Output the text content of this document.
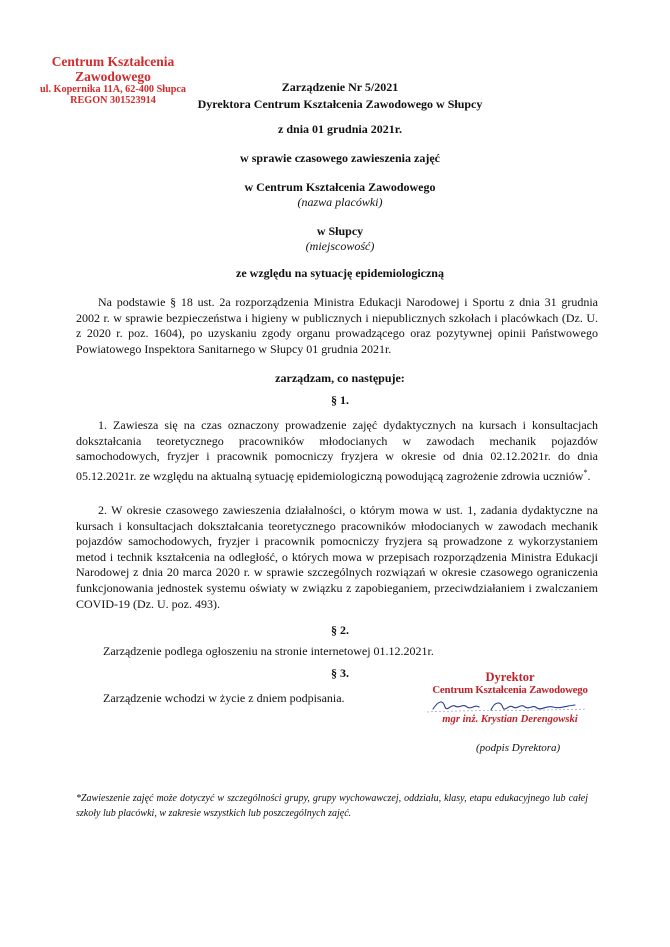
Centrum Kształcenia
Zawodowego
ul. Kopernika 11A, 62-400 Słupca
REGON 301523914
Zarządzenie Nr 5/2021
Dyrektora Centrum Kształcenia Zawodowego w Słupcy
z dnia 01 grudnia 2021r.
w sprawie czasowego zawieszenia zajęć
w Centrum Kształcenia Zawodowego
(nazwa placówki)
w Słupcy
(miejscowość)
ze względu na sytuację epidemiologiczną
Na podstawie § 18 ust. 2a rozporządzenia Ministra Edukacji Narodowej i Sportu z dnia 31 grudnia 2002 r. w sprawie bezpieczeństwa i higieny w publicznych i niepublicznych szkołach i placówkach (Dz. U. z 2020 r. poz. 1604), po uzyskaniu zgody organu prowadzącego oraz pozytywnej opinii Państwowego Powiatowego Inspektora Sanitarnego w Słupcy 01 grudnia 2021r.
zarządzam, co następuje:
§ 1.
1. Zawiesza się na czas oznaczony prowadzenie zajęć dydaktycznych na kursach i konsultacjach dokształcania teoretycznego pracowników młodocianych w zawodach mechanik pojazdów samochodowych, fryzjer i pracownik pomocniczy fryzjera w okresie od dnia 02.12.2021r. do dnia 05.12.2021r. ze względu na aktualną sytuację epidemiologiczną powodującą zagrożenie zdrowia uczniów*.
2. W okresie czasowego zawieszenia działalności, o którym mowa w ust. 1, zadania dydaktyczne na kursach i konsultacjach dokształcania teoretycznego pracowników młodocianych w zawodach mechanik pojazdów samochodowych, fryzjer i pracownik pomocniczy fryzjera są prowadzone z wykorzystaniem metod i technik kształcenia na odległość, o których mowa w przepisach rozporządzenia Ministra Edukacji Narodowej z dnia 20 marca 2020 r. w sprawie szczególnych rozwiązań w okresie czasowego ograniczenia funkcjonowania jednostek systemu oświaty w związku z zapobieganiem, przeciwdziałaniem i zwalczaniem COVID-19 (Dz. U. poz. 493).
§ 2.
Zarządzenie podlega ogłoszeniu na stronie internetowej 01.12.2021r.
§ 3.
Zarządzenie wchodzi w życie z dniem podpisania.
Dyrektor
Centrum Kształcenia Zawodowego
mgr inż. Krystian Derengowski
(podpis Dyrektora)
*Zawieszenie zajęć może dotyczyć w szczególności grupy, grupy wychowawczej, oddziału, klasy, etapu edukacyjnego lub całej szkoły lub placówki, w zakresie wszystkich lub poszczególnych zajęć.
